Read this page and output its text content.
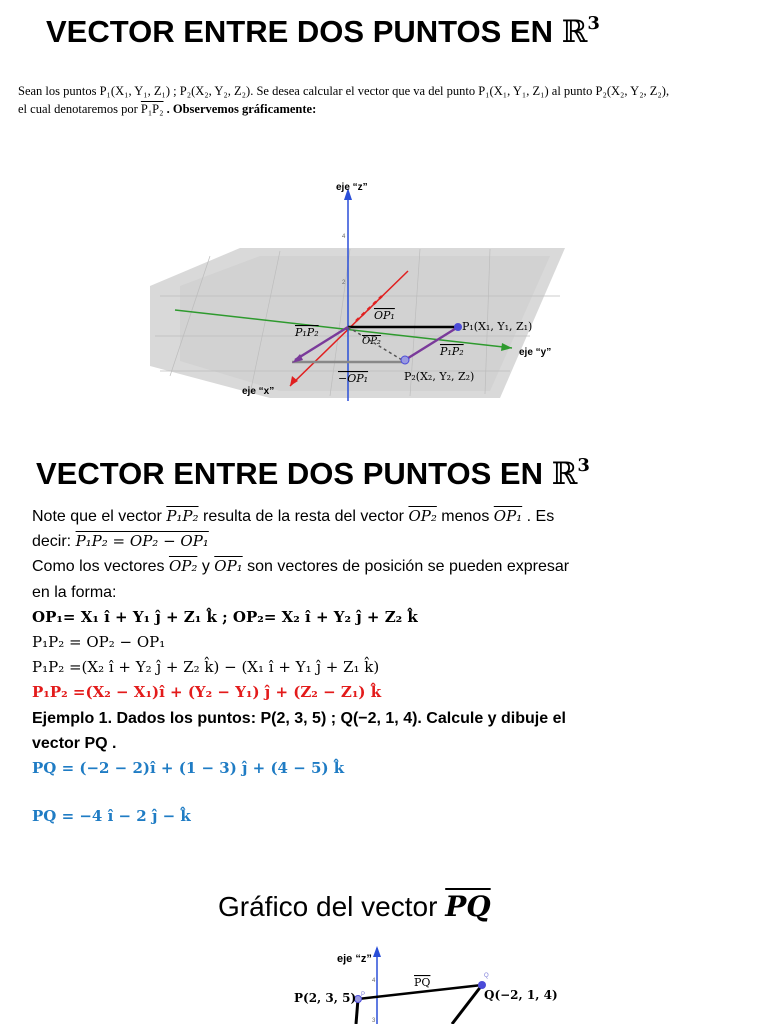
VECTOR ENTRE DOS PUNTOS EN ℝ$^3$

Sean los puntos P₁(X₁, Y₁, Z₁) ; P₂(X₂, Y₂, Z₂). Se desea calcular el vector que va del punto P₁(X₁, Y₁, Z₁) al punto P₂(X₂, Y₂, Z₂),

el cual denotaremos por P₁P₂ . Observemos gráficamente:

4
2
eje “z”
eje “y”
eje “x”
OP₁
OP₂
−OP₁
P₁P₂
P₁P₂
P₁(X₁, Y₁, Z₁)
P₂(X₂, Y₂, Z₂)
VECTOR ENTRE DOS PUNTOS EN ℝ$^3$
Note que el vector P₁P₂ resulta de la resta del vector OP₂ menos OP₁ . Es
decir: P₁P₂ = OP₂ − OP₁
Como los vectores OP₂ y OP₁ son vectores de posición se pueden expresar
en la forma:
OP₁= X₁ î + Y₁ ĵ + Z₁ k̂ ; OP₂= X₂ î + Y₂ ĵ + Z₂ k̂
P₁P₂ = OP₂ − OP₁
P₁P₂ =(X₂ î + Y₂ ĵ + Z₂ k̂) − (X₁ î + Y₁ ĵ + Z₁ k̂)
P₁P₂ =(X₂ − X₁)î + (Y₂ − Y₁) ĵ + (Z₂ − Z₁) k̂
Ejemplo 1. Dados los puntos: P(2, 3, 5) ; Q(−2, 1, 4). Calcule y dibuje el
vector PQ .
PQ = (−2 − 2)î + (1 − 3) ĵ + (4 − 5) k̂
PQ = −4 î − 2 ĵ − k̂
Gráfico del vector $\overline{PQ}$
4
3
P
Q
eje “z”
P(2, 3, 5)	Q(−2, 1, 4)
PQ
